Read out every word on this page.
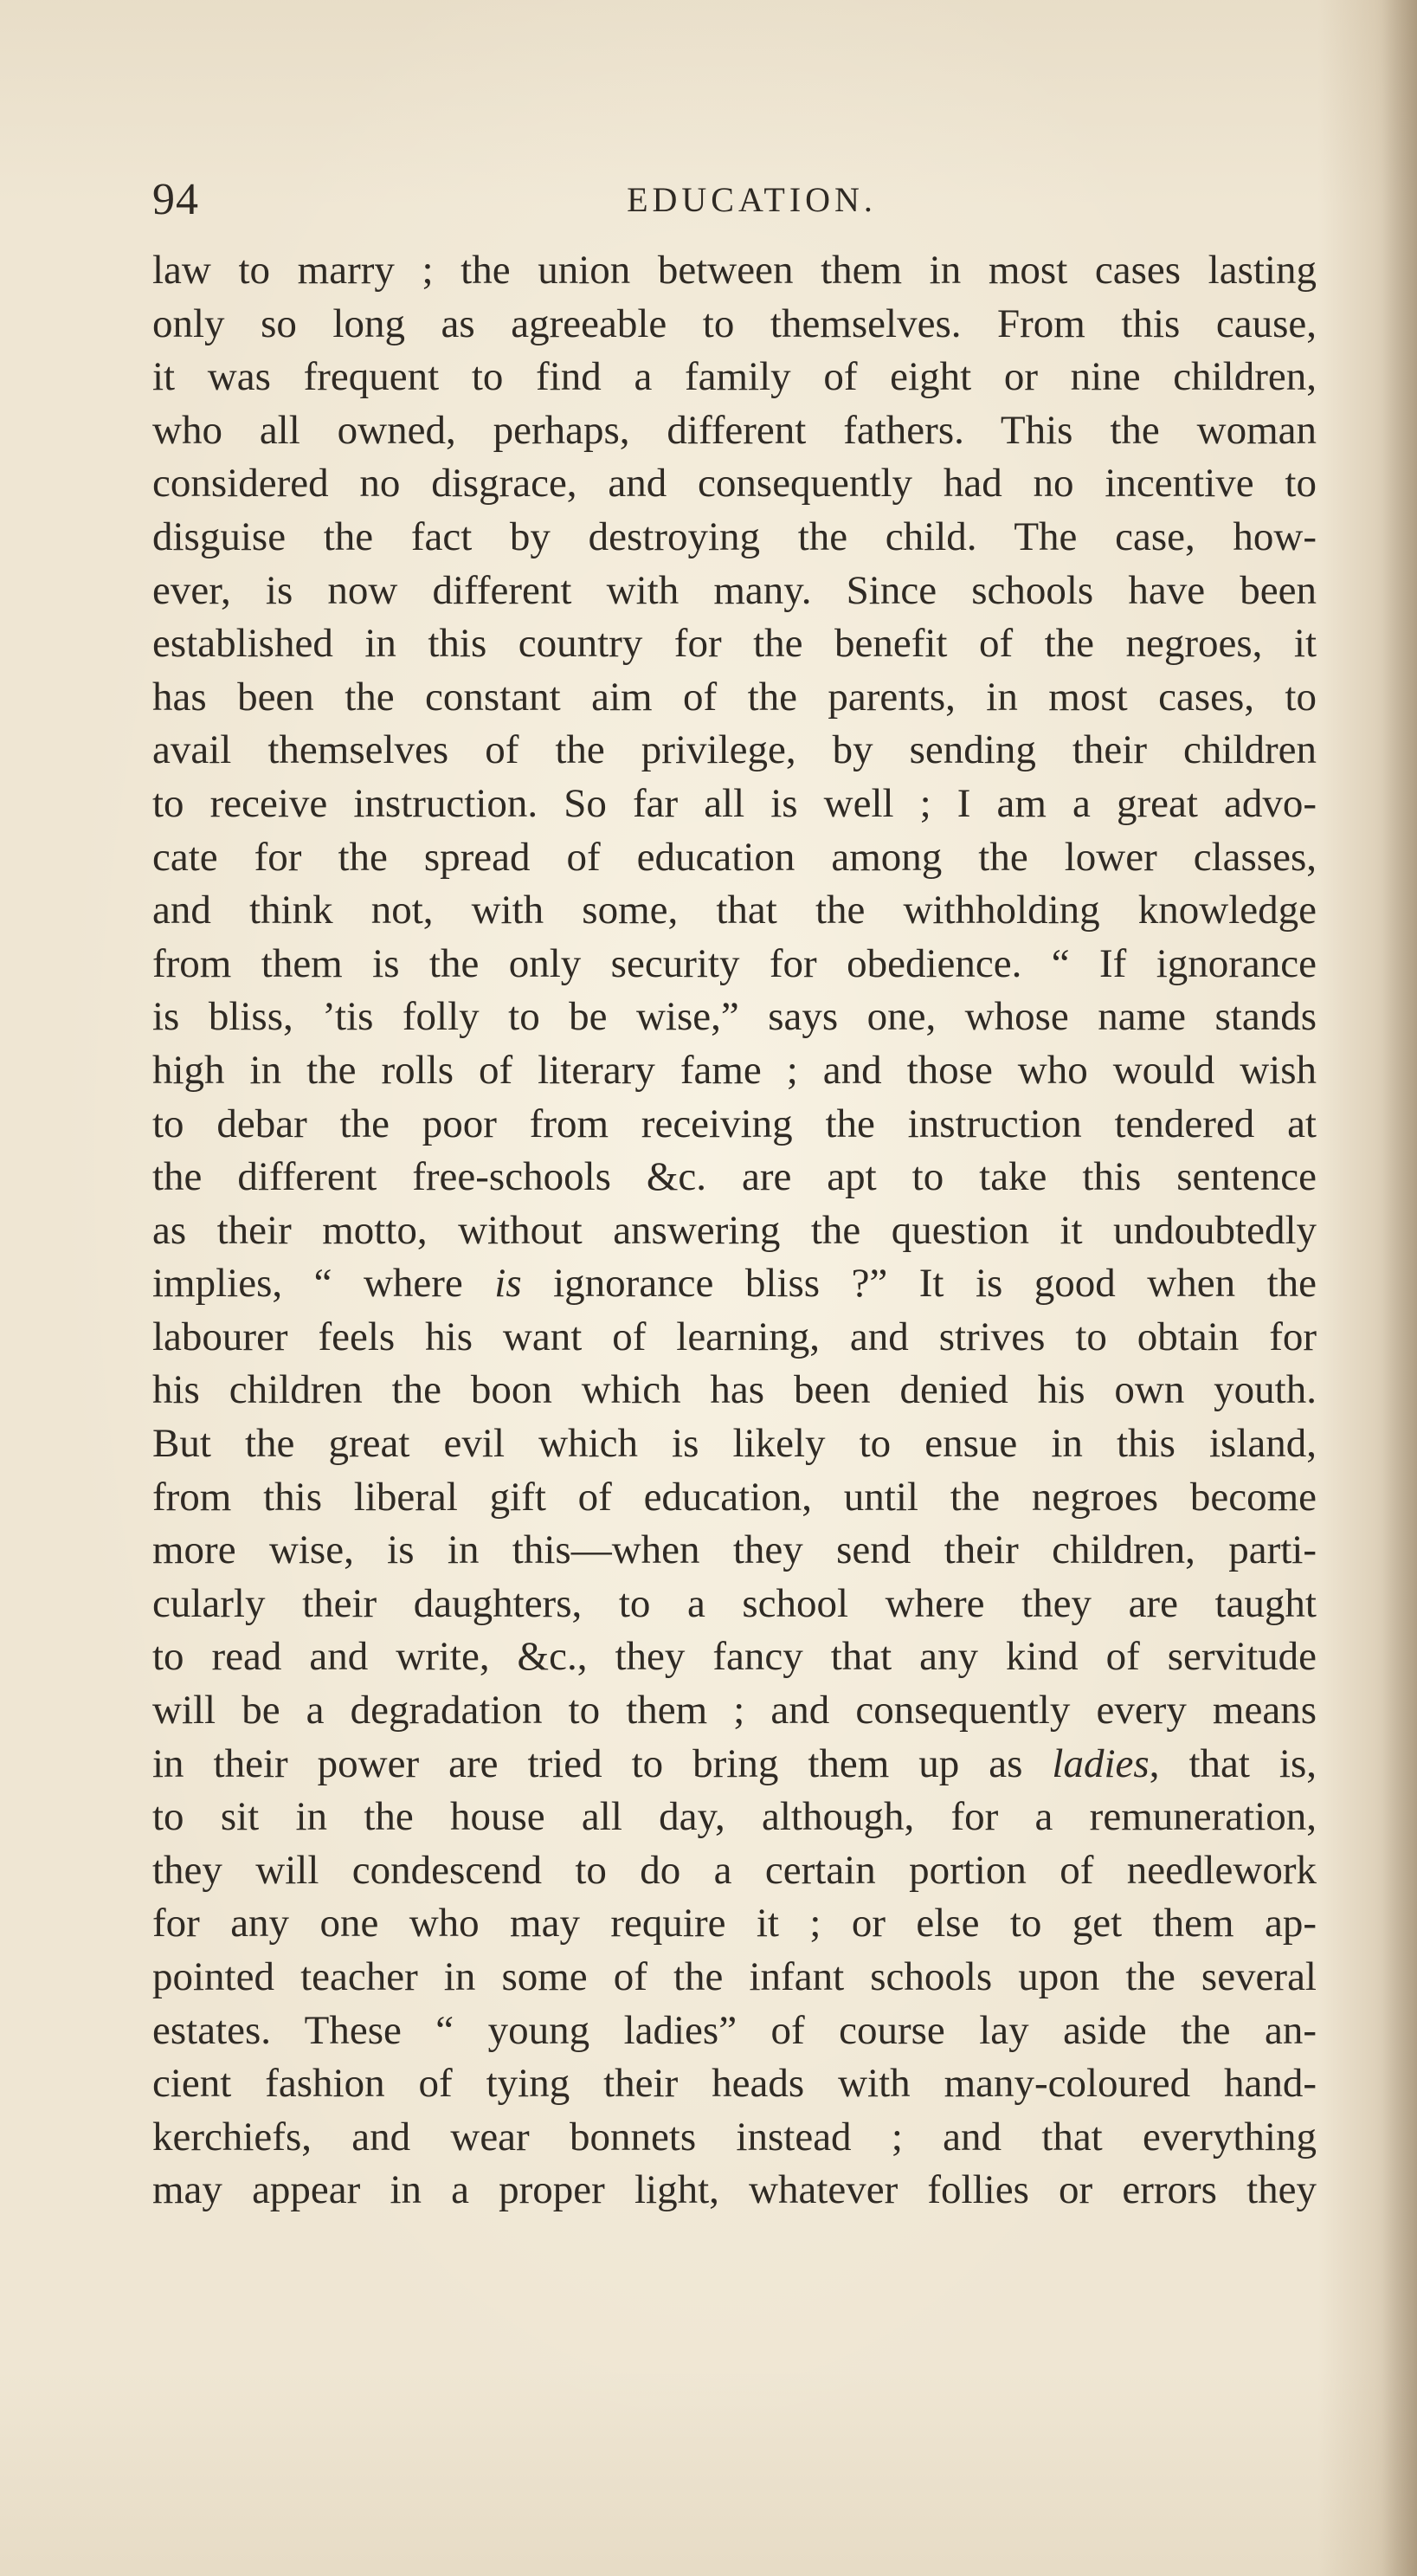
94	EDUCATION.
law to marry ; the union between them in most cases lasting
only so long as agreeable to themselves. From this cause,
it was frequent to find a family of eight or nine children,
who all owned, perhaps, different fathers. This the woman
considered no disgrace, and consequently had no incentive to
disguise the fact by destroying the child. The case, how-
ever, is now different with many. Since schools have been
established in this country for the benefit of the negroes, it
has been the constant aim of the parents, in most cases, to
avail themselves of the privilege, by sending their children
to receive instruction. So far all is well ; I am a great advo-
cate for the spread of education among the lower classes,
and think not, with some, that the withholding knowledge
from them is the only security for obedience. “ If ignorance
is bliss, ’tis folly to be wise,” says one, whose name stands
high in the rolls of literary fame ; and those who would wish
to debar the poor from receiving the instruction tendered at
the different free-schools &c. are apt to take this sentence
as their motto, without answering the question it undoubtedly
implies, “ where is ignorance bliss ?” It is good when the
labourer feels his want of learning, and strives to obtain for
his children the boon which has been denied his own youth.
But the great evil which is likely to ensue in this island,
from this liberal gift of education, until the negroes become
more wise, is in this—when they send their children, parti-
cularly their daughters, to a school where they are taught
to read and write, &c., they fancy that any kind of servitude
will be a degradation to them ; and consequently every means
in their power are tried to bring them up as ladies, that is,
to sit in the house all day, although, for a remuneration,
they will condescend to do a certain portion of needlework
for any one who may require it ; or else to get them ap-
pointed teacher in some of the infant schools upon the several
estates. These “ young ladies” of course lay aside the an-
cient fashion of tying their heads with many-coloured hand-
kerchiefs, and wear bonnets instead ; and that everything
may appear in a proper light, whatever follies or errors they
